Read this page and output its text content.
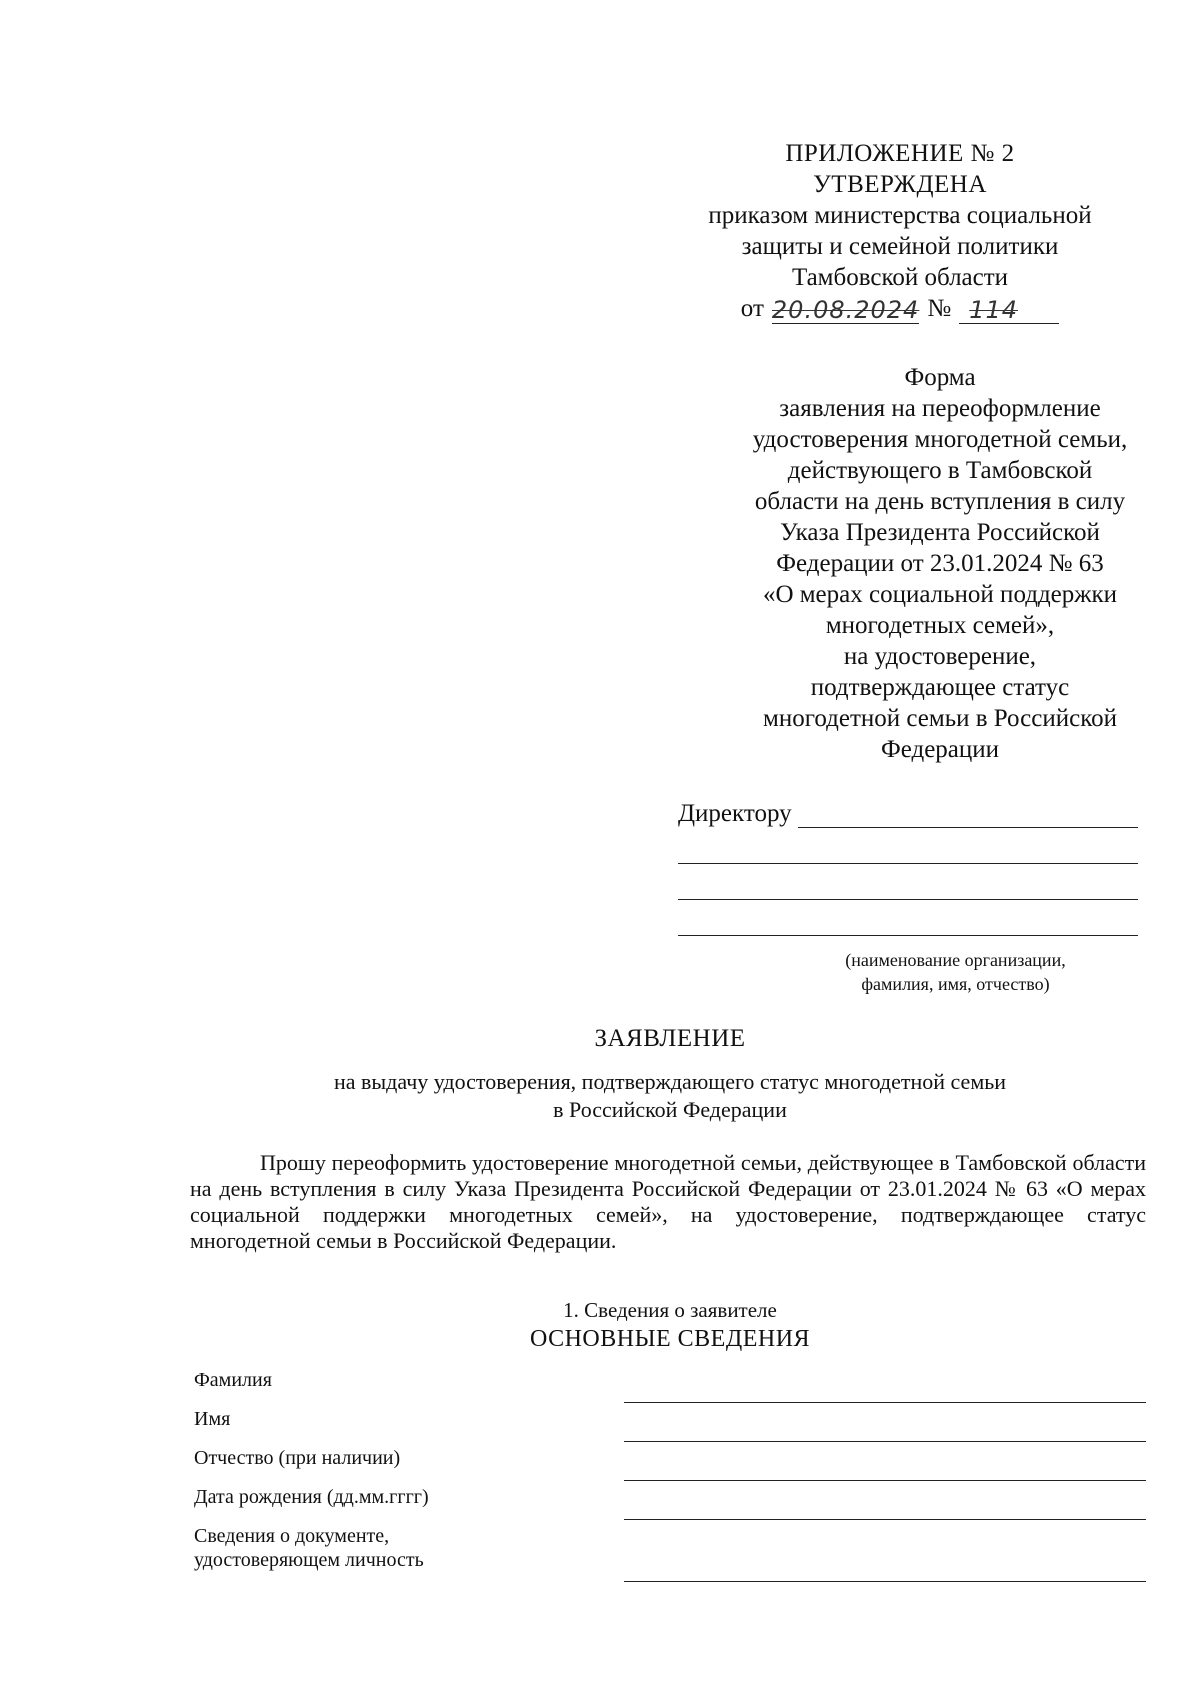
ПРИЛОЖЕНИЕ № 2
УТВЕРЖДЕНА
приказом министерства социальной
защиты и семейной политики
Тамбовской области
от 20.08.2024 № 114
Форма
заявления на переоформление
удостоверения многодетной семьи,
действующего в Тамбовской
области на день вступления в силу
Указа Президента Российской
Федерации от 23.01.2024 № 63
«О мерах социальной поддержки
многодетных семей»,
на удостоверение,
подтверждающее статус
многодетной семьи в Российской
Федерации
Директору
(наименование организации,
фамилия, имя, отчество)
ЗАЯВЛЕНИЕ
на выдачу удостоверения, подтверждающего статус многодетной семьи
в Российской Федерации
Прошу переоформить удостоверение многодетной семьи, действующее в Тамбовской области на день вступления в силу Указа Президента Российской Федерации от 23.01.2024 № 63 «О мерах социальной поддержки многодетных семей», на удостоверение, подтверждающее статус многодетной семьи в Российской Федерации.
1. Сведения о заявителе
ОСНОВНЫЕ СВЕДЕНИЯ
Фамилия
Имя
Отчество (при наличии)
Дата рождения (дд.мм.гггг)
Сведения о документе,
удостоверяющем личность
